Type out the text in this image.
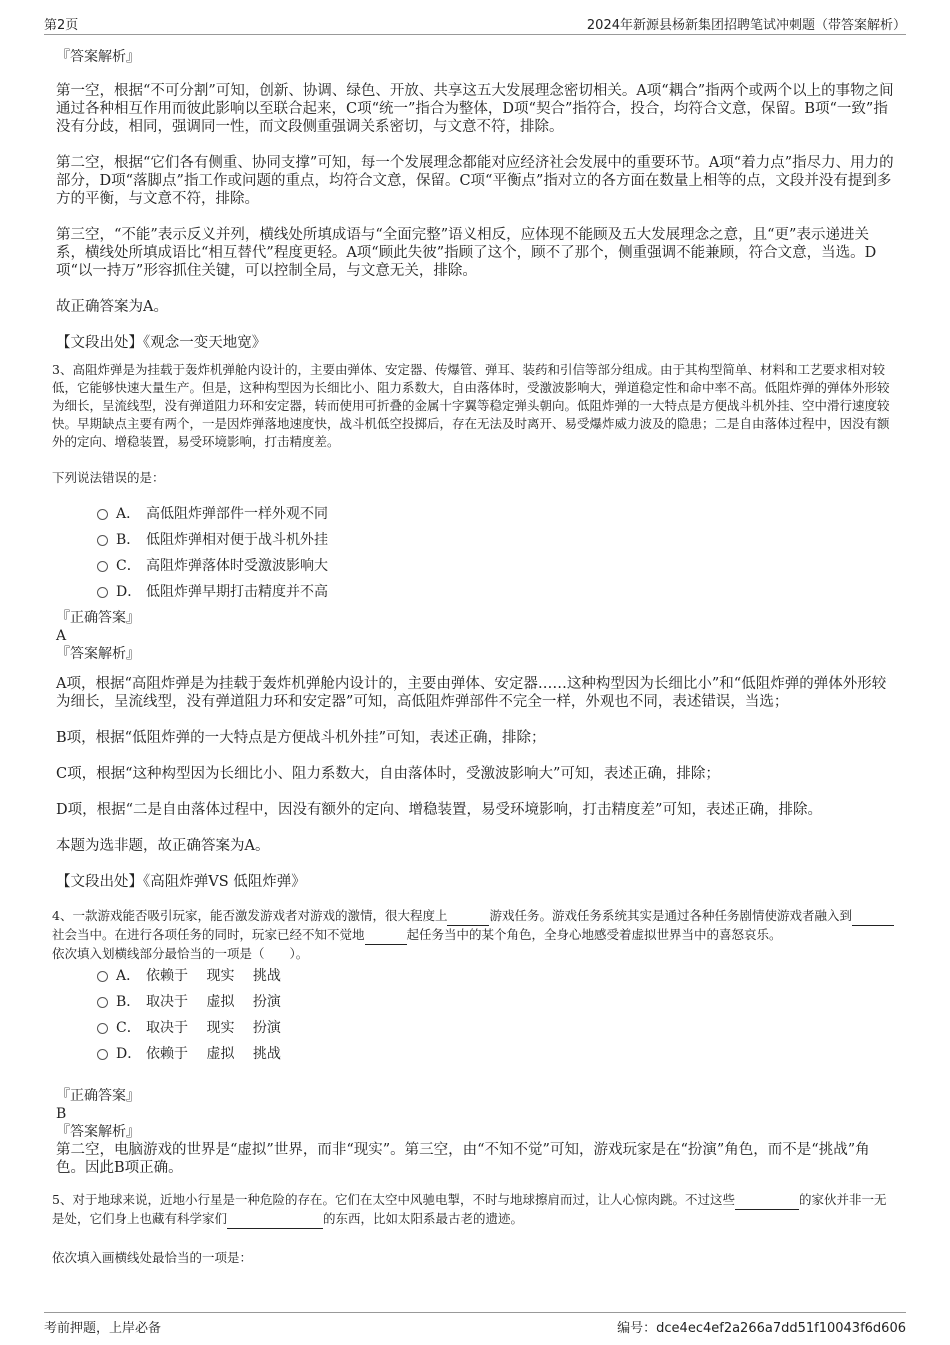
第2页	2024年新源县杨新集团招聘笔试冲刺题（带答案解析）
『答案解析』

第一空，根据“不可分割”可知，创新、协调、绿色、开放、共享这五大发展理念密切相关。A项“耦合”指两个或两个以上的事物之间通过各种相互作用而彼此影响以至联合起来，C项“统一”指合为整体，D项“契合”指符合，投合，均符合文意，保留。B项“一致”指没有分歧，相同，强调同一性，而文段侧重强调关系密切，与文意不符，排除。

第二空，根据“它们各有侧重、协同支撑”可知，每一个发展理念都能对应经济社会发展中的重要环节。A项“着力点”指尽力、用力的部分，D项“落脚点”指工作或问题的重点，均符合文意，保留。C项“平衡点”指对立的各方面在数量上相等的点，文段并没有提到多方的平衡，与文意不符，排除。

第三空，“不能”表示反义并列，横线处所填成语与“全面完整”语义相反，应体现不能顾及五大发展理念之意，且“更”表示递进关系，横线处所填成语比“相互替代”程度更轻。A项“顾此失彼”指顾了这个，顾不了那个，侧重强调不能兼顾，符合文意，当选。D项“以一持万”形容抓住关键，可以控制全局，与文意无关，排除。

故正确答案为A。

【文段出处】《观念一变天地宽》

3、高阻炸弹是为挂载于轰炸机弹舱内设计的，主要由弹体、安定器、传爆管、弹耳、装药和引信等部分组成。由于其构型简单、材料和工艺要求相对较低，它能够快速大量生产。但是，这种构型因为长细比小、阻力系数大，自由落体时，受激波影响大，弹道稳定性和命中率不高。低阻炸弹的弹体外形较为细长，呈流线型，没有弹道阻力环和安定器，转而使用可折叠的金属十字翼等稳定弹头朝向。低阻炸弹的一大特点是方便战斗机外挂、空中滑行速度较快。早期缺点主要有两个，一是因炸弹落地速度快，战斗机低空投掷后，存在无法及时离开、易受爆炸威力波及的隐患；二是自由落体过程中，因没有额外的定向、增稳装置，易受环境影响，打击精度差。

下列说法错误的是：

A． 高低阻炸弹部件一样外观不同
B． 低阻炸弹相对便于战斗机外挂
C． 高阻炸弹落体时受激波影响大
D． 低阻炸弹早期打击精度并不高

『正确答案』

A

『答案解析』

A项，根据“高阻炸弹是为挂载于轰炸机弹舱内设计的，主要由弹体、安定器……这种构型因为长细比小”和“低阻炸弹的弹体外形较为细长，呈流线型，没有弹道阻力环和安定器”可知，高低阻炸弹部件不完全一样，外观也不同，表述错误，当选；

B项，根据“低阻炸弹的一大特点是方便战斗机外挂”可知，表述正确，排除；

C项，根据“这种构型因为长细比小、阻力系数大，自由落体时，受激波影响大”可知，表述正确，排除；

D项，根据“二是自由落体过程中，因没有额外的定向、增稳装置，易受环境影响，打击精度差”可知，表述正确，排除。

本题为选非题，故正确答案为A。

【文段出处】《高阻炸弹VS 低阻炸弹》

4、一款游戏能否吸引玩家，能否激发游戏者对游戏的激情，很大程度上	游戏任务。游戏任务系统其实是通过各种任务剧情使游戏者融入到 社会当中。在进行各项任务的同时，玩家已经不知不觉地	起任务当中的某个角色，全身心地感受着虚拟世界当中的喜怒哀乐。

依次填入划横线部分最恰当的一项是（　　）。

A． 依赖于　 现实　 挑战
B． 取决于　 虚拟　 扮演
C． 取决于　 现实　 扮演
D． 依赖于　 虚拟　 挑战

『正确答案』

B

『答案解析』

第二空，电脑游戏的世界是“虚拟”世界，而非“现实”。第三空，由“不知不觉”可知，游戏玩家是在“扮演”角色，而不是“挑战”角色。因此B项正确。

5、对于地球来说，近地小行星是一种危险的存在。它们在太空中风驰电掣，不时与地球擦肩而过，让人心惊肉跳。不过这些	的家伙并非一无是处，它们身上也藏有科学家们	的东西，比如太阳系最古老的遗迹。

依次填入画横线处最恰当的一项是：

考前押题，上岸必备	编号：dce4ec4ef2a266a7dd51f10043f6d606
